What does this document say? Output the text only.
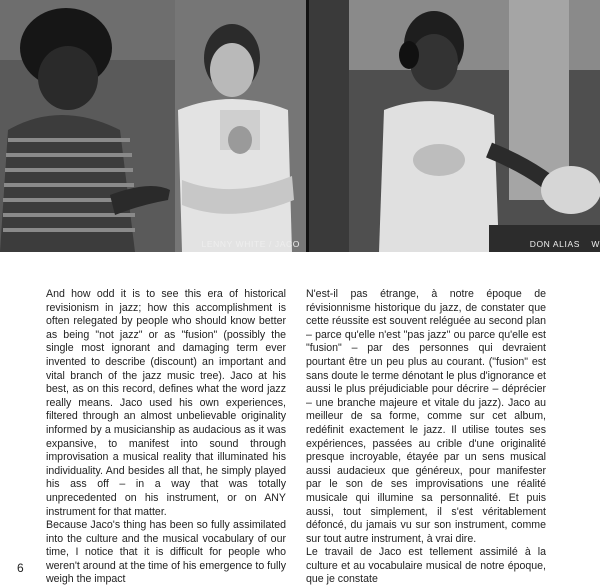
LENNY WHITE / JACO	DON ALIAS W

And how odd it is to see this era of historical revisionism in jazz; how this accomplishment is often relegated by people who should know better as being "not jazz" or as "fusion" (possibly the single most ignorant and damaging term ever invented to describe (discount) an important and vital branch of the jazz music tree). Jaco at his best, as on this record, defines what the word jazz really means. Jaco used his own experiences, filtered through an almost unbelievable originality informed by a musicianship as audacious as it was expansive, to manifest into sound through improvisation a musical reality that illuminated his individuality. And besides all that, he simply played his ass off – in a way that was totally unprecedented on his instrument, or on ANY instrument for that matter.

Because Jaco's thing has been so fully assimilated into the culture and the musical vocabulary of our time, I notice that it is difficult for people who weren't around at the time of his emergence to fully weigh the impact

N'est-il pas étrange, à notre époque de révisionnisme historique du jazz, de constater que cette réussite est souvent reléguée au second plan – parce qu'elle n'est "pas jazz" ou parce qu'elle est "fusion" – par des personnes qui devraient pourtant être un peu plus au courant. ("fusion" est sans doute le terme dénotant le plus d'ignorance et aussi le plus préjudiciable pour décrire – déprécier – une branche majeure et vitale du jazz). Jaco au meilleur de sa forme, comme sur cet album, redéfinit exactement le jazz. Il utilise toutes ses expériences, passées au crible d'une originalité presque incroyable, étayée par un sens musical aussi audacieux que généreux, pour manifester par le son de ses improvisations une réalité musicale qui illumine sa personnalité. Et puis aussi, tout simplement, il s'est véritablement défoncé, du jamais vu sur son instrument, comme sur tout autre instrument, à vrai dire.

Le travail de Jaco est tellement assimilé à la culture et au vocabulaire musical de notre époque, que je constate

6
